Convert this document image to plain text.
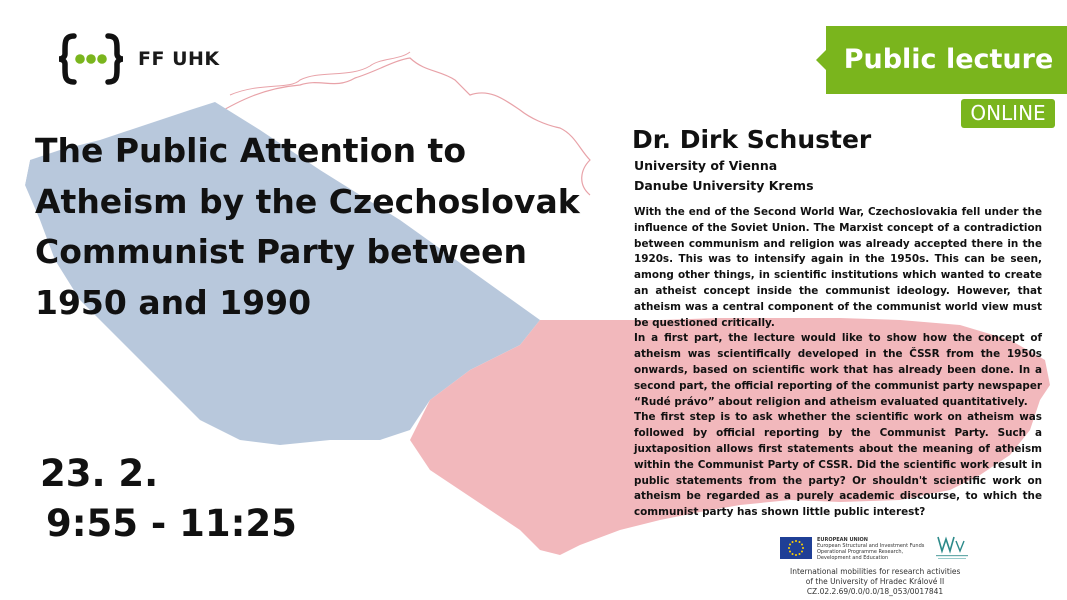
FF UHK	Public lecture
ONLINE
The Public Attention to
Atheism by the Czechoslovak
Communist Party between
1950 and 1990
Dr. Dirk Schuster
University of Vienna
Danube University Krems

With the end of the Second World War, Czechoslovakia fell under the influence of the Soviet Union. The Marxist concept of a contradiction between communism and religion was already accepted there in the 1920s. This was to intensify again in the 1950s. This can be seen, among other things, in scientific institutions which wanted to create an atheist concept inside the communist ideology. However, that atheism was a central component of the communist world view must be questioned critically.

In a first part, the lecture would like to show how the concept of atheism was scientifically developed in the ČSSR from the 1950s onwards, based on scientific work that has already been done. In a second part, the official reporting of the communist party newspaper “Rudé právo” about religion and atheism evaluated quantitatively.

The first step is to ask whether the scientific work on atheism was followed by official reporting by the Communist Party. Such a juxtaposition allows first statements about the meaning of atheism within the Communist Party of CSSR. Did the scientific work result in public statements from the party? Or shouldn't scientific work on atheism be regarded as a purely academic discourse, to which the communist party has shown little public interest?

23. 2.
9:55 - 11:25	EUROPEAN UNION
European Structural and Investment Funds
Operational Programme Research,
Development and Education
International mobilities for research activities
of the University of Hradec Králové II
CZ.02.2.69/0.0/0.0/18_053/0017841
